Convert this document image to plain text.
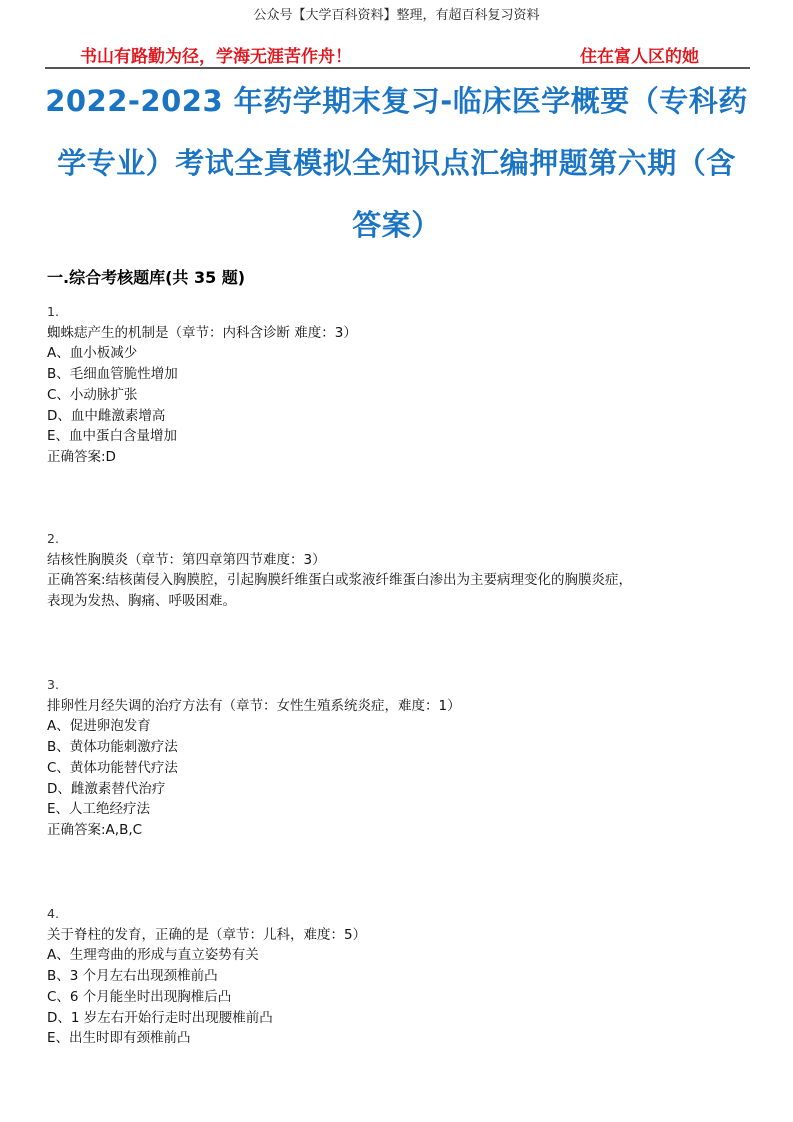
公众号【大学百科资料】整理，有超百科复习资料
书山有路勤为径，学海无涯苦作舟！	住在富人区的她
2022-2023 年药学期末复习-临床医学概要（专科药
学专业）考试全真模拟全知识点汇编押题第六期（含
答案）
一.综合考核题库(共 35 题)
1.
蜘蛛痣产生的机制是（章节：内科含诊断 难度：3）
A、血小板减少
B、毛细血管脆性增加
C、小动脉扩张
D、血中雌激素增高
E、血中蛋白含量增加
正确答案:D
2.
结核性胸膜炎（章节：第四章第四节难度：3）
正确答案:结核菌侵入胸膜腔，引起胸膜纤维蛋白或浆液纤维蛋白渗出为主要病理变化的胸膜炎症，
表现为发热、胸痛、呼吸困难。
3.
排卵性月经失调的治疗方法有（章节：女性生殖系统炎症，难度：1）
A、促进卵泡发育
B、黄体功能刺激疗法
C、黄体功能替代疗法
D、雌激素替代治疗
E、人工绝经疗法
正确答案:A,B,C
4.
关于脊柱的发育，正确的是（章节：儿科，难度：5）
A、生理弯曲的形成与直立姿势有关
B、3 个月左右出现颈椎前凸
C、6 个月能坐时出现胸椎后凸
D、1 岁左右开始行走时出现腰椎前凸
E、出生时即有颈椎前凸
